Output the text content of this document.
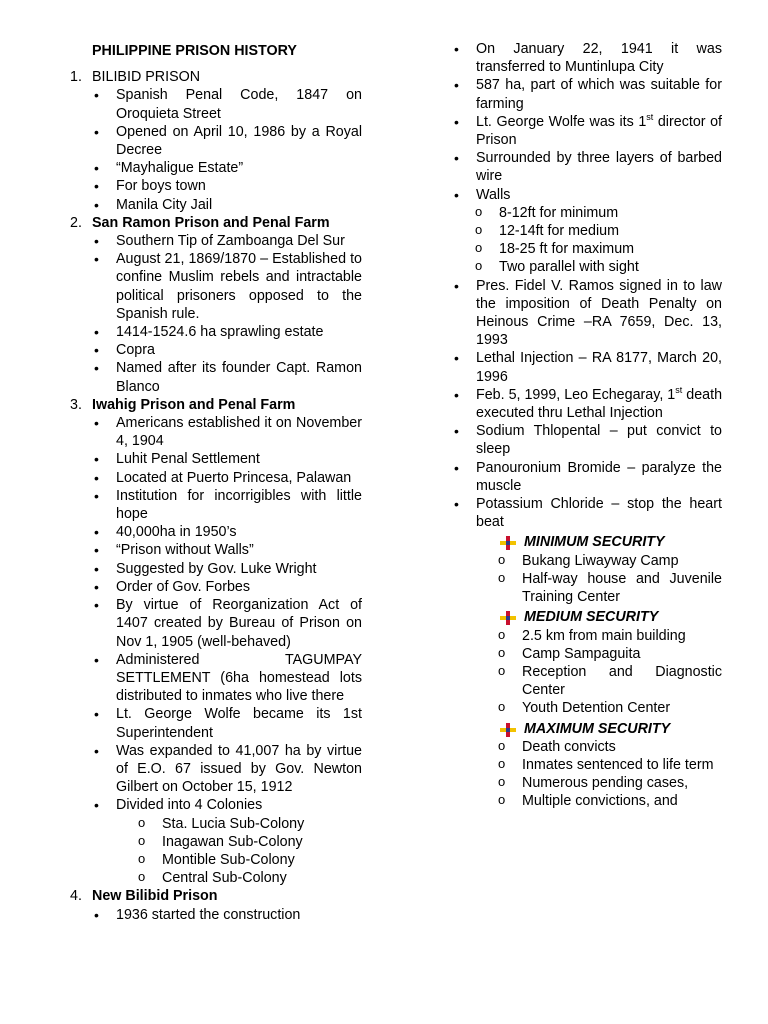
PHILIPPINE PRISON HISTORY
1. BILIBID PRISON
• Spanish Penal Code, 1847 on Oroquieta Street
• Opened on April 10, 1986 by a Royal Decree
• “Mayhaligue Estate”
• For boys town
• Manila City Jail
2. San Ramon Prison and Penal Farm
• Southern Tip of Zamboanga Del Sur
• August 21, 1869/1870 – Established to confine Muslim rebels and intractable political prisoners opposed to the Spanish rule.
• 1414-1524.6 ha sprawling estate
• Copra
• Named after its founder Capt. Ramon Blanco
3. Iwahig Prison and Penal Farm
• Americans established it on November 4, 1904
• Luhit Penal Settlement
• Located at Puerto Princesa, Palawan
• Institution for incorrigibles with little hope
• 40,000ha in 1950’s
• “Prison without Walls”
• Suggested by Gov. Luke Wright
• Order of Gov. Forbes
• By virtue of Reorganization Act of 1407 created by Bureau of Prison on Nov 1, 1905 (well-behaved)
• Administered TAGUMPAY SETTLEMENT (6ha homestead lots distributed to inmates who live there
• Lt. George Wolfe became its 1st Superintendent
• Was expanded to 41,007 ha by virtue of E.O. 67 issued by Gov. Newton Gilbert on October 15, 1912
• Divided into 4 Colonies
o Sta. Lucia Sub-Colony
o Inagawan Sub-Colony
o Montible Sub-Colony
o Central Sub-Colony
4. New Bilibid Prison
• 1936 started the construction
• On January 22, 1941 it was transferred to Muntinlupa City
• 587 ha, part of which was suitable for farming
• Lt. George Wolfe was its 1st director of Prison
• Surrounded by three layers of barbed wire
• Walls
o 8-12ft for minimum
o 12-14ft for medium
o 18-25 ft for maximum
o Two parallel with sight
• Pres. Fidel V. Ramos signed in to law the imposition of Death Penalty on Heinous Crime –RA 7659, Dec. 13, 1993
• Lethal Injection – RA 8177, March 20, 1996
• Feb. 5, 1999, Leo Echegaray, 1st death executed thru Lethal Injection
• Sodium Thlopental – put convict to sleep
• Panouronium Bromide – paralyze the muscle
• Potassium Chloride – stop the heart beat
MINIMUM SECURITY
o Bukang Liwayway Camp
o Half-way house and Juvenile Training Center
MEDIUM SECURITY
o 2.5 km from main building
o Camp Sampaguita
o Reception and Diagnostic Center
o Youth Detention Center
MAXIMUM SECURITY
o Death convicts
o Inmates sentenced to life term
o Numerous pending cases,
o Multiple convictions, and
